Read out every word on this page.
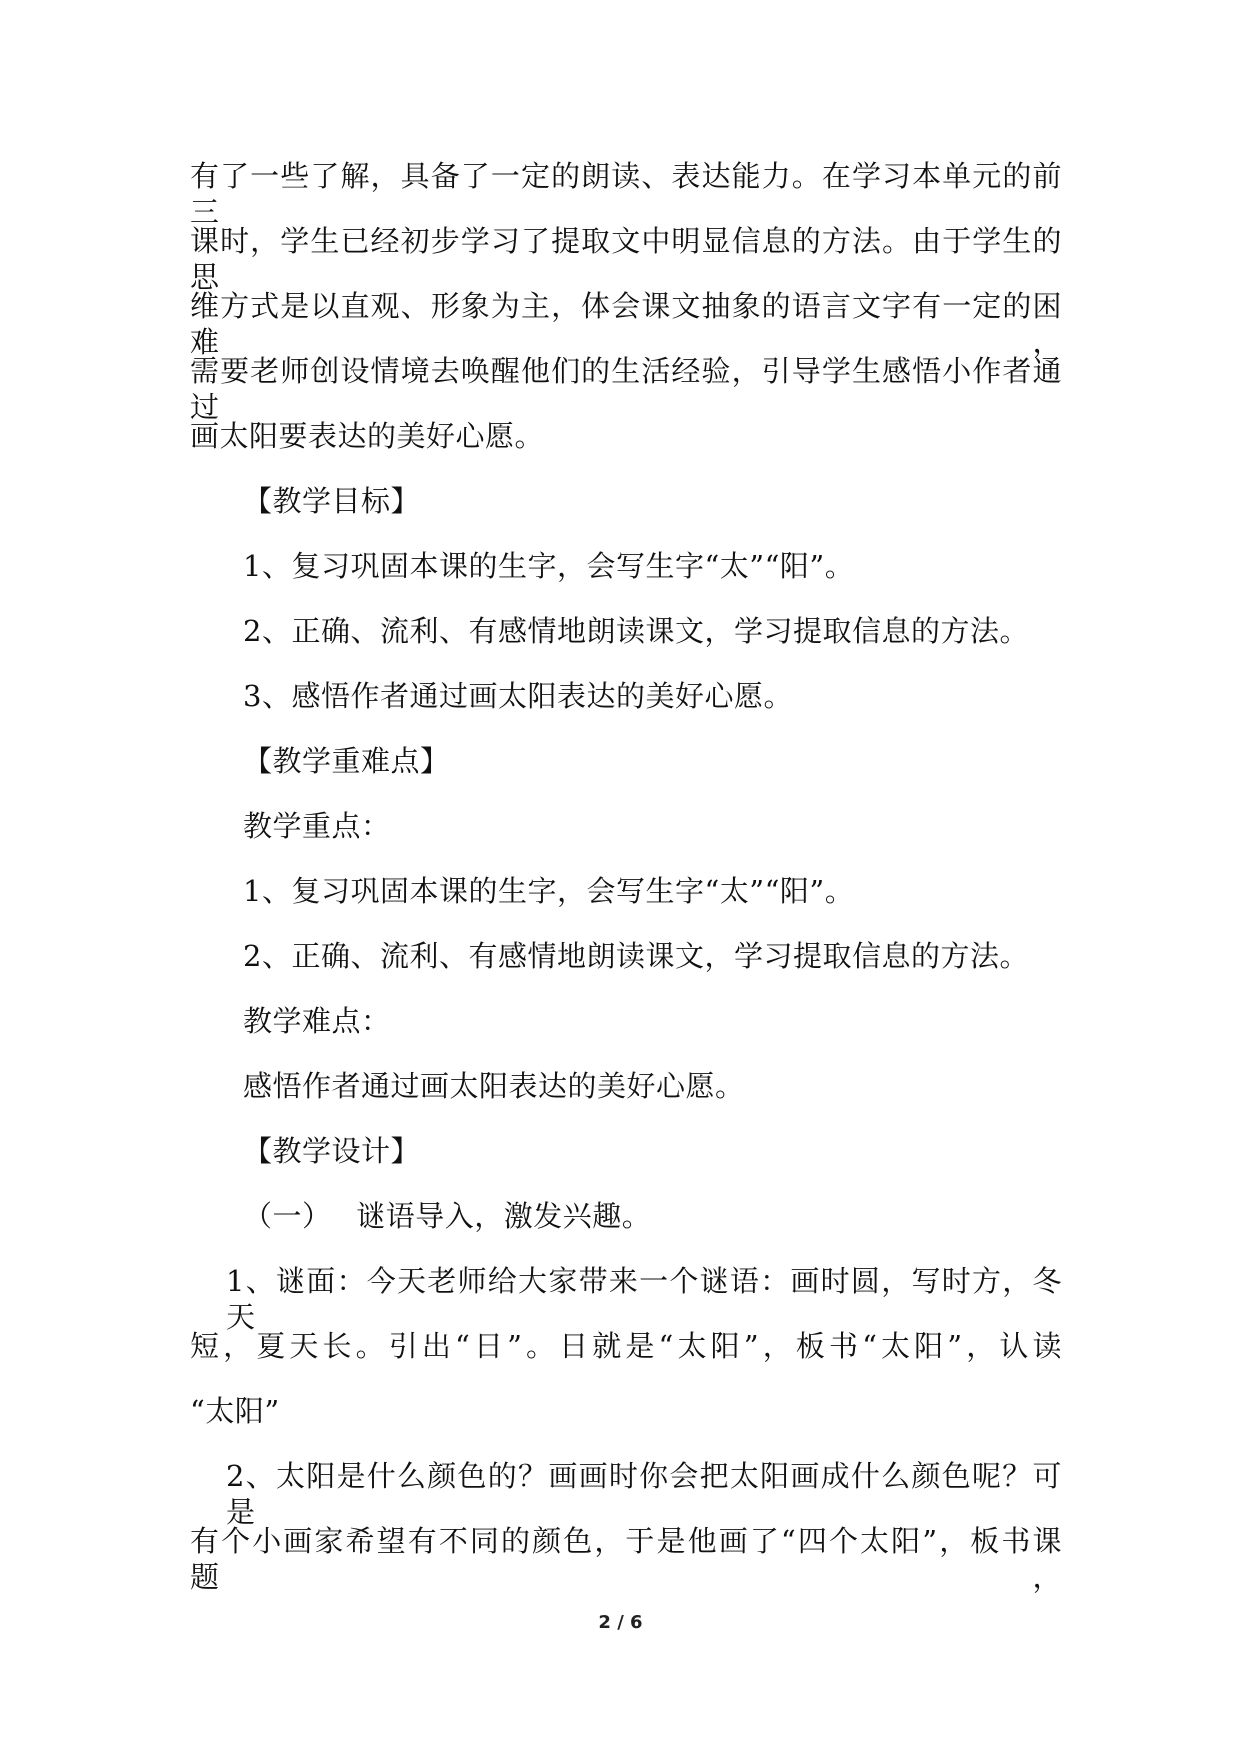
有了一些了解，具备了一定的朗读、表达能力。在学习本单元的前三
课时，学生已经初步学习了提取文中明显信息的方法。由于学生的思
维方式是以直观、形象为主，体会课文抽象的语言文字有一定的困难，
需要老师创设情境去唤醒他们的生活经验，引导学生感悟小作者通过
画太阳要表达的美好心愿。
【教学目标】
1、复习巩固本课的生字，会写生字“太”“阳”。
2、正确、流利、有感情地朗读课文，学习提取信息的方法。
3、感悟作者通过画太阳表达的美好心愿。
【教学重难点】
教学重点：
1、复习巩固本课的生字，会写生字“太”“阳”。
2、正确、流利、有感情地朗读课文，学习提取信息的方法。
教学难点：
感悟作者通过画太阳表达的美好心愿。
【教学设计】
（一）　 谜语导入，激发兴趣。
1、谜面：今天老师给大家带来一个谜语：画时圆，写时方，冬天
短，夏天长。引出“日”。日就是“太阳”，板书“太阳”，认读
“太阳”
2、太阳是什么颜色的？画画时你会把太阳画成什么颜色呢？可是
有个小画家希望有不同的颜色，于是他画了“四个太阳”，板书课题，
2 / 6
